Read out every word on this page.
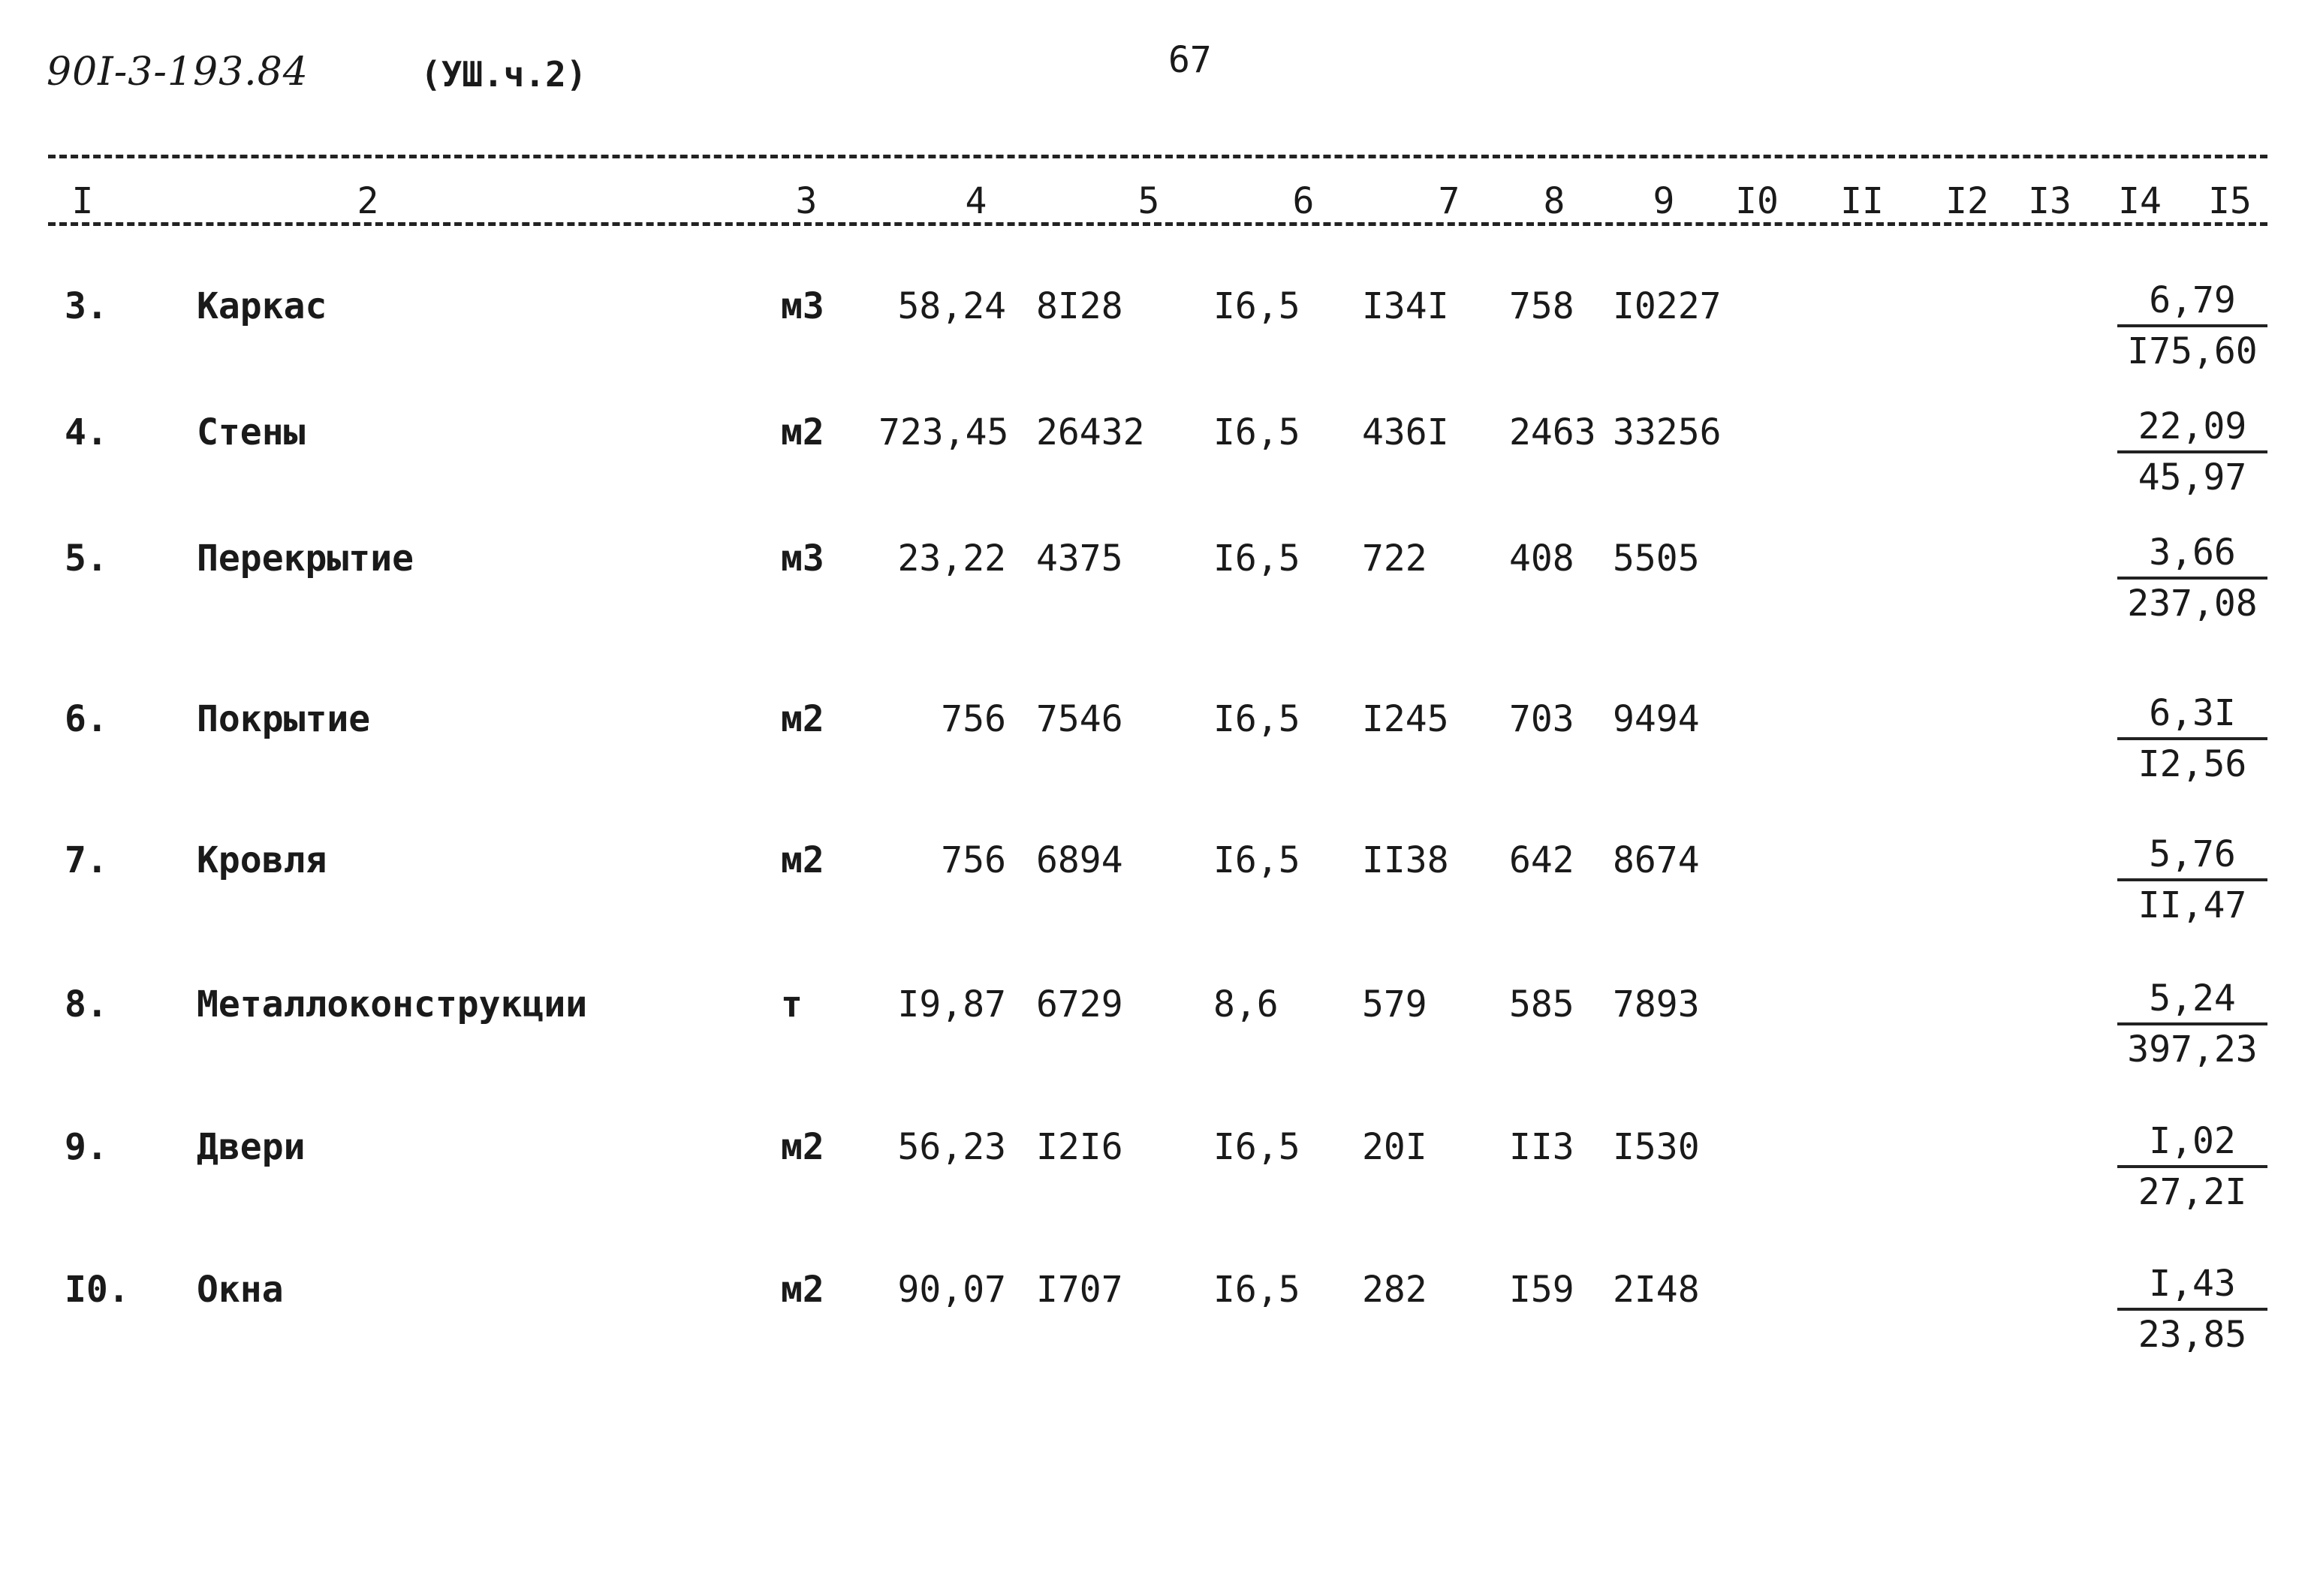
90I-3-193.84	(УШ.ч.2)	67
I	2	3	4	5	6	7 8 9 I0 II I2 I3 I4 I5
3. Каркас	м3	58,24 8I28	I6,5	I34I	758	I0227	$\frac{6,79}{I75,60}$
4. Стены	м2 723,45 26432	I6,5	436I	2463 33256	$\frac{22,09}{45,97}$
5. Перекрытие	м3	23,22 4375	I6,5	722	408	5505	$\frac{3,66}{237,08}$
6. Покрытие	м2	756 7546	I6,5	I245	703	9494	$\frac{6,3I}{I2,56}$
7. Кровля	м2	756 6894	I6,5	II38	642	8674	$\frac{5,76}{II,47}$
8. Металлоконструкции	т	I9,87 6729	8,6	579	585	7893	$\frac{5,24}{397,23}$
9. Двери	м2	56,23 I2I6	I6,5	20I	II3	I530	$\frac{I,02}{27,2I}$
I0. Окна	м2	90,07 I707	I6,5	282	I59	2I48	$\frac{I,43}{23,85}$
